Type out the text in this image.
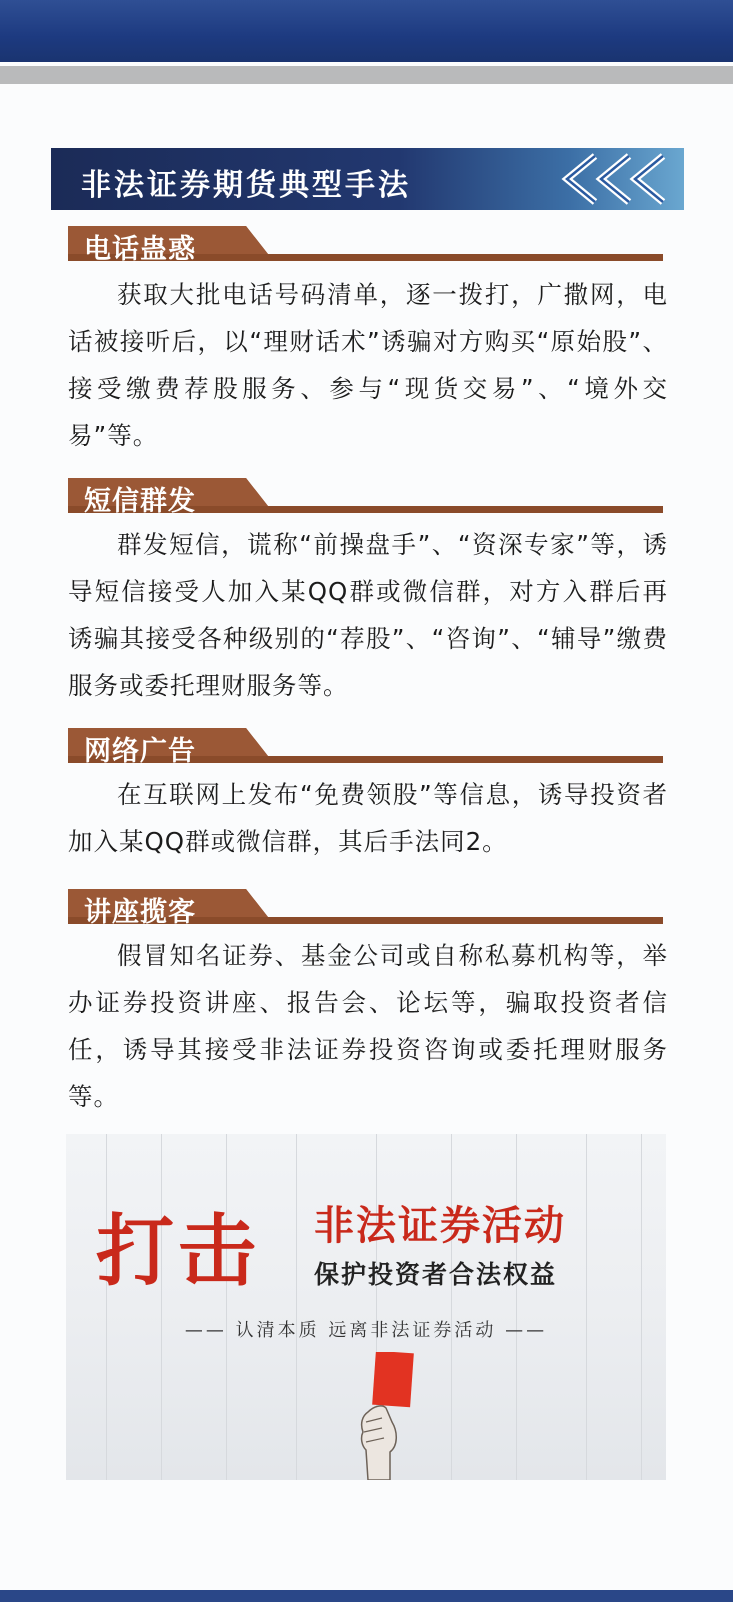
非法证券期货典型手法
电话蛊惑
获取大批电话号码清单，逐一拨打，广撒网，电话被接听后，以“理财话术”诱骗对方购买“原始股”、接受缴费荐股服务、参与“现货交易”、“境外交易”等。
短信群发
群发短信，谎称“前操盘手”、“资深专家”等，诱导短信接受人加入某QQ群或微信群，对方入群后再诱骗其接受各种级别的“荐股”、“咨询”、“辅导”缴费服务或委托理财服务等。
网络广告
在互联网上发布“免费领股”等信息，诱导投资者加入某QQ群或微信群，其后手法同2。
讲座揽客
假冒知名证券、基金公司或自称私募机构等，举办证券投资讲座、报告会、论坛等，骗取投资者信任，诱导其接受非法证券投资咨询或委托理财服务等。
打击 非法证券活动
保护投资者合法权益
—— 认清本质 远离非法证券活动 ——
